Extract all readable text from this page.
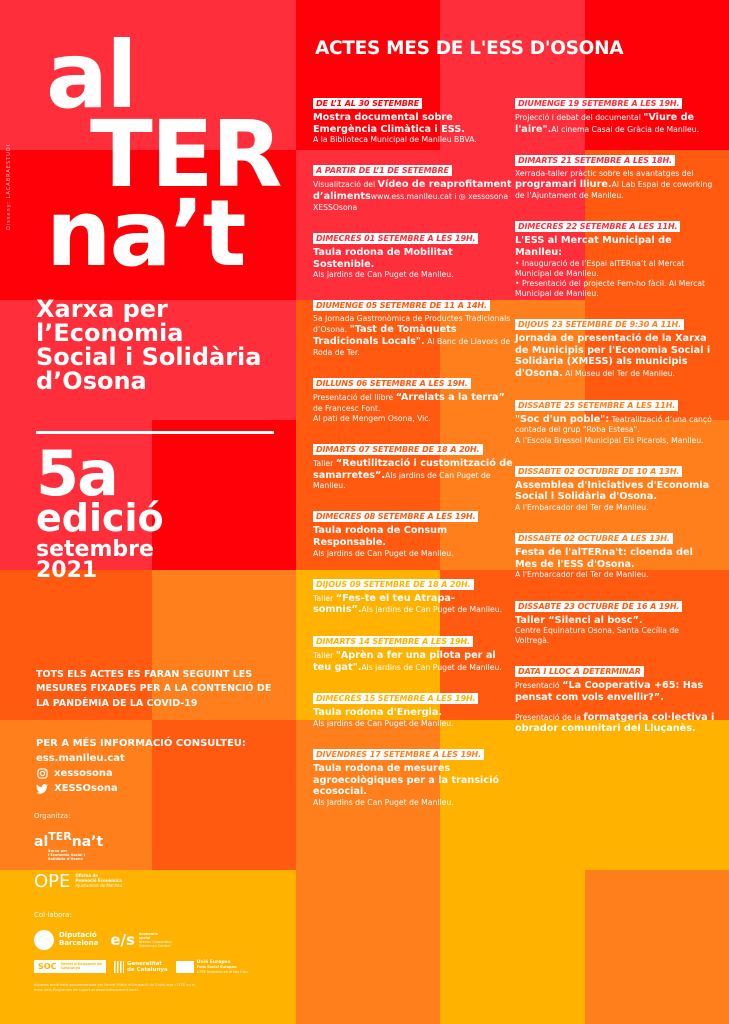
al
TER
na’t
Disseny: LACABRAESTUDI
Xarxa per
l’Economia
Social i Solidària
d’Osona
5a
edició
setembre
2021
TOTS ELS ACTES ES FARAN SEGUINT LES MESURES FIXADES PER A LA CONTENCIÓ DE LA PANDÈMIA DE LA COVID-19
PER A MÉS INFORMACIÓ CONSULTEU:
ess.manlleu.cat
xessosona
XESSOsona
Organitza:
$al^{TER}na’t$
Xarxa per l’Economia Social i Solidària d’Osona
OPE Oficina de
Promoció Econòmica
Ajuntament de Manlleu
Col·labora:
Diputació
Barcelona e/s economia
social
Ateneu Cooperatiu
Catalunya Central
SOC Servei d'Ocupació de Catalunya
Generalitat
de Catalunya
Unió Europea
Fons Social Europeu
L'FSE inverteix en el teu futur
Aquesta acció està subvencionada pel Servei Públic d'Ocupació de Catalunya i l'FSE en el marc dels Programes de suport al desenvolupament local.
ACTES MES DE L'ESS D'OSONA
DE L’1 AL 30 SETEMBRE

Mostra documental sobre Emergència Climàtica i ESS.
A la Biblioteca Municipal de Manlleu BBVA.

A PARTIR DE L’1 DE SETEMBRE

Visualització del Vídeo de reaprofitament d’alimentswww.ess.manlleu.cat i ◎ xessosona
XESSOsona

DIMECRES 01 SETEMBRE A LES 19H.

Taula rodona de Mobilitat Sostenible.
Als jardins de Can Puget de Manlleu.

DIUMENGE 05 SETEMBRE DE 11 A 14H.

5a Jornada Gastronòmica de Productes Tradicionals d’Osona. "Tast de Tomàquets Tradicionals Locals". Al Banc de Llavors de Roda de Ter.

DILLUNS 06 SETEMBRE A LES 19H.

Presentació del llibre “Arrelats a la terra” de Francesc Font.
Al pati de Mengem Osona, Vic.

DIMARTS 07 SETEMBRE DE 18 A 20H.

Taller “Reutilització i customització de samarretes”.Als jardins de Can Puget de Manlleu.

DIMECRES 08 SETEMBRE A LES 19H.

Taula rodona de Consum Responsable.
Als jardins de Can Puget de Manlleu.

DIJOUS 09 SETEMBRE DE 18 A 20H.

Taller “Fes-te el teu Atrapa-somnis”.Als jardins de Can Puget de Manlleu.

DIMARTS 14 SETEMBRE A LES 19H.

Taller "Aprèn a fer una pilota per al teu gat".Als jardins de Can Puget de Manlleu.

DIMECRES 15 SETEMBRE A LES 19H.

Taula rodona d'Energia.
Als jardins de Can Puget de Manlleu.

DIVENDRES 17 SETEMBRE A LES 19H.

Taula rodona de mesures agroecològiques per a la transició ecosocial.
Als Jardins de Can Puget de Manlleu.

DIUMENGE 19 SETEMBRE A LES 19H.

Projecció i debat del documental "Viure de l'aire".Al cinema Casal de Gràcia de Manlleu.

DIMARTS 21 SETEMBRE A LES 18H.

Xerrada-taller pràctic sobre els avantatges del programari lliure.Al Lab Espai de coworking de l’Ajuntament de Manlleu.

DIMECRES 22 SETEMBRE A LES 11H.

L'ESS al Mercat Municipal de Manlleu:
• Inauguració de l’Espai alTERna’t al Mercat Municipal de Manlleu.
• Presentació del projecte Fem-ho fàcil. Al Mercat Municipal de Manlleu.

DIJOUS 23 SETEMBRE DE 9:30 A 11H.

Jornada de presentació de la Xarxa de Municipis per l'Economia Social i Solidària (XMESS) als municipis d'Osona. Al Museu del Ter de Manlleu.

DISSABTE 25 SETEMBRE A LES 11H.

"Soc d'un poble": Teatralització d’una cançó contada del grup "Roba Estesa".
A l'Escola Bressol Municipal Els Picarols, Manlleu.

DISSABTE 02 OCTUBRE DE 10 A 13H.

Assemblea d'Iniciatives d'Economia Social i Solidària d'Osona.
A l'Embarcador del Ter de Manlleu.

DISSABTE 02 OCTUBRE A LES 13H.

Festa de l'alTERna't: cloenda del Mes de l'ESS d'Osona.
A l'Embarcador del Ter de Manlleu.

DISSABTE 23 OCTUBRE DE 16 A 19H.

Taller “Silenci al bosc”.
Centre Equinatura Osona, Santa Cecília de Voltregà.

DATA I LLOC A DETERMINAR

Presentació “La Cooperativa +65: Has pensat com vols envellir?”.

Presentació de la formatgeria col·lectiva i obrador comunitari del Lluçanès.
